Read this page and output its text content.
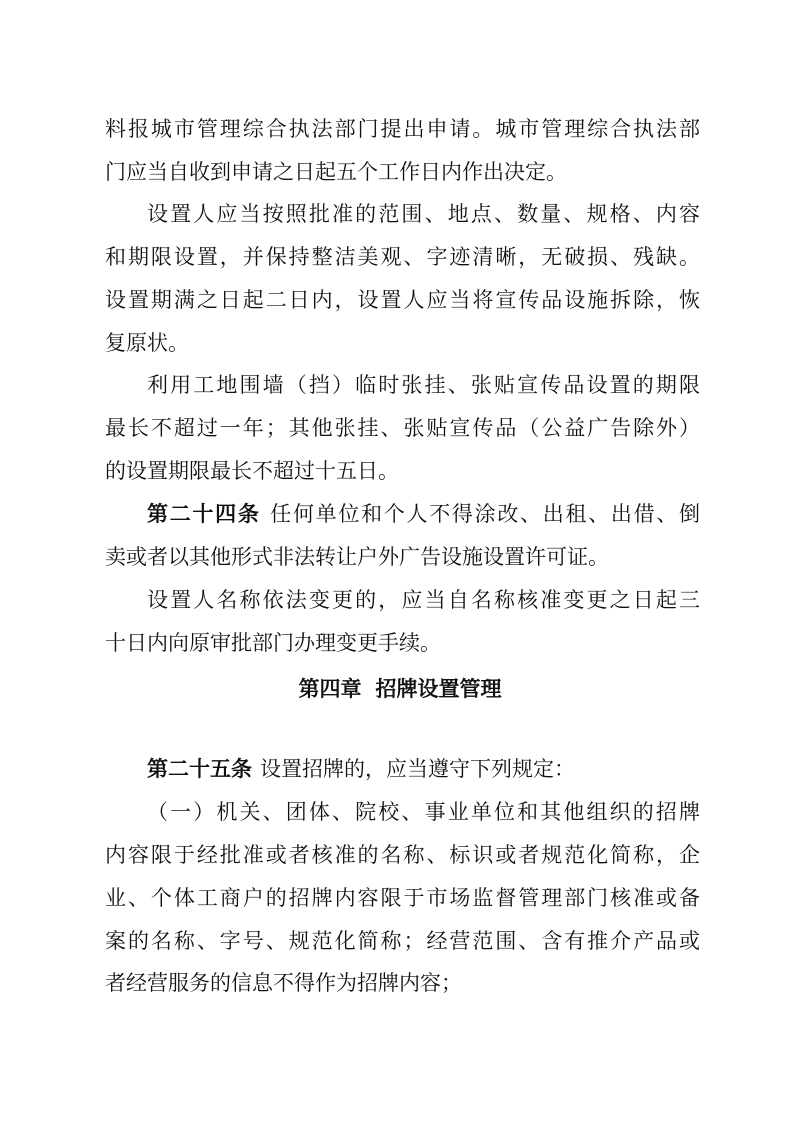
料报城市管理综合执法部门提出申请。城市管理综合执法部
门应当自收到申请之日起五个工作日内作出决定。
设置人应当按照批准的范围、地点、数量、规格、内容
和期限设置，并保持整洁美观、字迹清晰，无破损、残缺。
设置期满之日起二日内，设置人应当将宣传品设施拆除，恢
复原状。
利用工地围墙（挡）临时张挂、张贴宣传品设置的期限
最长不超过一年；其他张挂、张贴宣传品（公益广告除外）
的设置期限最长不超过十五日。
第二十四条 任何单位和个人不得涂改、出租、出借、倒
卖或者以其他形式非法转让户外广告设施设置许可证。
设置人名称依法变更的，应当自名称核准变更之日起三
十日内向原审批部门办理变更手续。
第四章 招牌设置管理
第二十五条 设置招牌的，应当遵守下列规定：
（一）机关、团体、院校、事业单位和其他组织的招牌
内容限于经批准或者核准的名称、标识或者规范化简称，企
业、个体工商户的招牌内容限于市场监督管理部门核准或备
案的名称、字号、规范化简称；经营范围、含有推介产品或
者经营服务的信息不得作为招牌内容；
